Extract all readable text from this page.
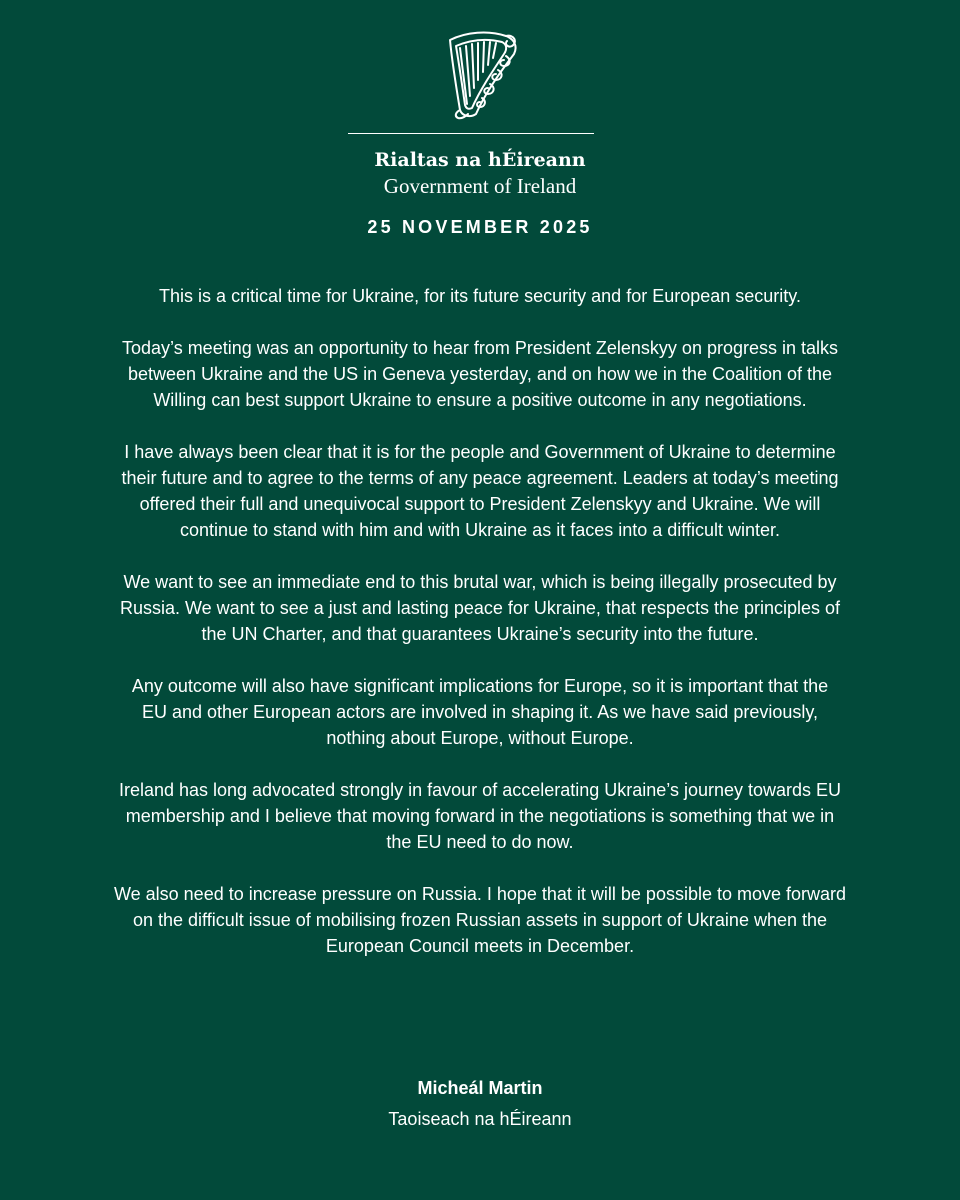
Rialtas na hÉireann
Government of Ireland
25 NOVEMBER 2025

This is a critical time for Ukraine, for its future security and for European security.

Today’s meeting was an opportunity to hear from President Zelenskyy on progress in talks
between Ukraine and the US in Geneva yesterday, and on how we in the Coalition of the
Willing can best support Ukraine to ensure a positive outcome in any negotiations.

I have always been clear that it is for the people and Government of Ukraine to determine
their future and to agree to the terms of any peace agreement. Leaders at today’s meeting
offered their full and unequivocal support to President Zelenskyy and Ukraine. We will
continue to stand with him and with Ukraine as it faces into a difficult winter.

We want to see an immediate end to this brutal war, which is being illegally prosecuted by
Russia. We want to see a just and lasting peace for Ukraine, that respects the principles of
the UN Charter, and that guarantees Ukraine’s security into the future.

Any outcome will also have significant implications for Europe, so it is important that the
EU and other European actors are involved in shaping it. As we have said previously,
nothing about Europe, without Europe.

Ireland has long advocated strongly in favour of accelerating Ukraine’s journey towards EU
membership and I believe that moving forward in the negotiations is something that we in
the EU need to do now.

We also need to increase pressure on Russia. I hope that it will be possible to move forward
on the difficult issue of mobilising frozen Russian assets in support of Ukraine when the
European Council meets in December.

Micheál Martin
Taoiseach na hÉireann
